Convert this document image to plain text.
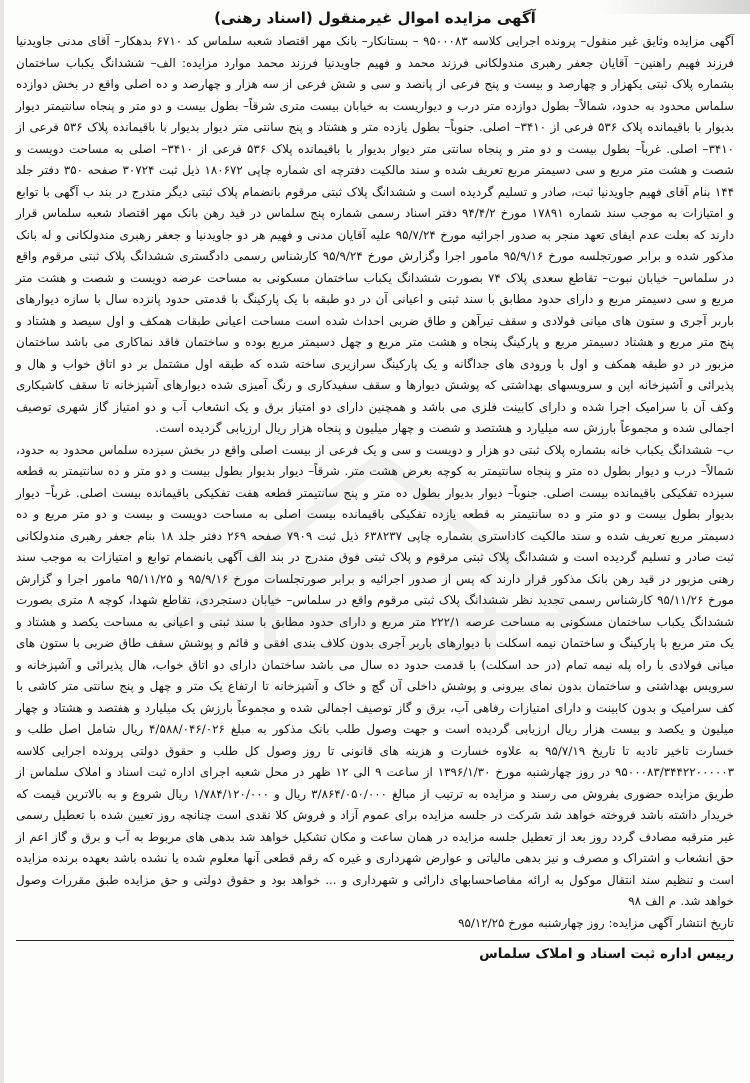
آگهی مزایده اموال غیرمنقول (اسناد رهنی)

آگهی مزایده وثایق غیر منقول– پرونده اجرایی کلاسه ۹۵۰۰۰۸۳ – بستانکار– بانک مهر اقتصاد شعبه سلماس کد ۶۷۱۰ بدهکار– آقای مدنی جاویدنیا فرزند فهیم راهنین– آقایان جعفر رهبری مندولکانی فرزند محمد و فهیم جاویدنیا فرزند محمد موارد مزایده: الف– ششدانگ یکباب ساختمان بشماره پلاک ثبتی یکهزار و چهارصد و بیست و پنج فرعی از پانصد و سی و شش فرعی از سه هزار و چهارصد و ده اصلی واقع در بخش دوازده سلماس محدود به حدود، شمالاً– بطول دوازده متر درب و دیواریست به خیابان بیست متری شرقاً– بطول بیست و دو متر و پنجاه سانتیمتر دیوار بدیوار با باقیمانده پلاک ۵۳۶ فرعی از ۳۴۱۰– اصلی. جنوباً– بطول یازده متر و هشتاد و پنج سانتی متر دیوار بدیوار با باقیمانده پلاک ۵۳۶ فرعی از ۳۴۱۰– اصلی. غرباً– بطول بیست و دو متر و پنجاه سانتی متر دیوار بدیوار با باقیمانده پلاک ۵۳۶ فرعی از ۳۴۱۰– اصلی به مساحت دویست و شصت و هشت متر مربع و سی دسیمتر مربع تعریف شده و سند مالکیت دفترچه ای شماره چاپی ۱۸۰۶۷۲ ذیل ثبت ۳۰۷۲۴ صفحه ۳۵۰ دفتر جلد ۱۴۴ بنام آقای فهیم جاویدنیا ثبت، صادر و تسلیم گردیده است و ششدانگ پلاک ثبتی مرقوم بانضمام پلاک ثبتی دیگر مندرج در بند ب آگهی با توابع و امتیازات به موجب سند شماره ۱۷۸۹۱ مورخ ۹۴/۴/۲ دفتر اسناد رسمی شماره پنج سلماس در قید رهن بانک مهر اقتصاد شعبه سلماس قرار دارند که بعلت عدم ایفای تعهد منجر به صدور اجرائیه مورخ ۹۵/۷/۲۴ علیه آقایان مدنی و فهیم هر دو جاویدنیا و جعفر رهبری مندولکانی و له بانک مذکور شده و برابر صورتجلسه مورخ ۹۵/۹/۱۶ مامور اجرا وگزارش مورخ ۹۵/۹/۲۴ کارشناس رسمی دادگستری ششدانگ پلاک ثبتی مرقوم واقع در سلماس– خیابان نبوت– تقاطع سعدی پلاک ۷۴ بصورت ششدانگ یکباب ساختمان مسکونی به مساحت عرصه دویست و شصت و هشت متر مربع و سی دسیمتر مربع و دارای حدود مطابق با سند ثبتی و اعیانی آن در دو طبقه با یک پارکینگ با قدمتی حدود پانزده سال با سازه دیوارهای باربر آجری و ستون های میانی فولادی و سقف تیرآهن و طاق ضربی احداث شده است مساحت اعیانی طبقات همکف و اول سیصد و هشتاد و پنج متر مربع و هشتاد دسیمتر مربع و پارکینگ پنجاه و هشت متر مربع و چهل دسیمتر مربع بوده و ساختمان فاقد نماکاری می باشد ساختمان مزبور در دو طبقه همکف و اول با ورودی های جداگانه و یک پارکینگ سرازیری ساخته شده که طبقه اول مشتمل بر دو اتاق خواب و هال و پذیرائی و آشپزخانه اپن و سرویسهای بهداشتی که پوشش دیوارها و سقف سفیدکاری و رنگ آمیزی شده دیوارهای آشپزخانه تا سقف کاشیکاری وکف آن با سرامیک اجرا شده و دارای کابینت فلزی می باشد و همچنین دارای دو امتیاز برق و یک انشعاب آب و دو امتیاز گاز شهری توصیف اجمالی شده و مجموعاً بارزش سه میلیارد و هشتصد و شصت و چهار میلیون و پنجاه هزار ریال ارزیابی گردیده است.

ب– ششدانگ یکباب خانه بشماره پلاک ثبتی دو هزار و دویست و سی و یک فرعی از بیست اصلی واقع در بخش سیزده سلماس محدود به حدود، شمالاً– درب و دیوار بطول ده متر و پنجاه سانتیمتر به کوچه بعرض هشت متر. شرقاً– دیوار بدیوار بطول بیست و دو متر و ده سانتیمتر به قطعه سیزده تفکیکی باقیمانده بیست اصلی. جنوباً– دیوار بدیوار بطول ده متر و پنج سانتیمتر قطعه هفت تفکیکی باقیمانده بیست اصلی. غرباً– دیوار بدیوار بطول بیست و دو متر و ده سانتیمتر به قطعه یازده تفکیکی باقیمانده بیست اصلی به مساحت دویست و بیست و دو متر مربع و ده دسیمتر مربع تعریف شده و سند مالکیت کاداستری بشماره چاپی ۶۳۸۲۳۷ ذیل ثبت ۷۹۰۹ صفحه ۲۶۹ دفتر جلد ۱۸ بنام جعفر رهبری مندولکانی ثبت صادر و تسلیم گردیده است و ششدانگ پلاک ثبتی مرقوم و پلاک ثبتی فوق مندرج در بند الف آگهی بانضمام توابع و امتیازات به موجب سند رهنی مزبور در قید رهن بانک مذکور قرار دارند که پس از صدور اجرائیه و برابر صورتجلسات مورخ ۹۵/۹/۱۶ و ۹۵/۱۱/۲۵ مامور اجرا و گزارش مورخ ۹۵/۱۱/۲۶ کارشناس رسمی تجدید نظر ششدانگ پلاک ثبتی مرقوم واقع در سلماس– خیابان دستجردی، تقاطع شهدا، کوچه ۸ متری بصورت ششدانگ یکباب ساختمان مسکونی به مساحت عرصه ۲۲۲/۱ متر مربع و دارای حدود مطابق با سند ثبتی و اعیانی به مساحت یکصد و هشتاد و یک متر مربع با پارکینگ و ساختمان نیمه اسکلت با دیوارهای باربر آجری بدون کلاف بندی افقی و قائم و پوشش سقف طاق ضربی با ستون های میانی فولادی با راه پله نیمه تمام (در حد اسکلت) با قدمت حدود ده سال می باشد ساختمان دارای دو اتاق خواب، هال پذیرائی و آشپزخانه و سرویس بهداشتی و ساختمان بدون نمای بیرونی و پوشش داخلی آن گچ و خاک و آشپزخانه تا ارتفاع یک متر و چهل و پنج سانتی متر کاشی با کف سرامیک و بدون کابینت و دارای امتیازات رفاهی آب، برق و گاز توصیف اجمالی شده و مجموعاً بارزش یک میلیارد و هفتصد و هشتاد و چهار میلیون و یکصد و بیست هزار ریال ارزیابی گردیده است و جهت وصول طلب بانک مذکور به مبلغ ۴/۵۸۸/۰۴۶/۰۲۶ ریال شامل اصل طلب و خسارت تاخیر تادیه تا تاریخ ۹۵/۷/۱۹ به علاوه خسارت و هزینه های قانونی تا روز وصول کل طلب و حقوق دولتی پرونده اجرایی کلاسه ۹۵۰۰۰۸۳/۳۴۴۲۲۰۰۰۰۰۳ در روز چهارشنبه مورخ ۱۳۹۶/۱/۳۰ از ساعت ۹ الی ۱۲ ظهر در محل شعبه اجرای اداره ثبت اسناد و املاک سلماس از طریق مزایده حضوری بفروش می رسند و مزایده به ترتیب از مبالغ ۳/۸۶۴/۰۵۰/۰۰۰ ریال و ۱/۷۸۴/۱۲۰/۰۰۰ ریال شروع و به بالاترین قیمت که خریدار داشته باشد فروخته خواهد شد شرکت در جلسه مزایده برای عموم آزاد و فروش کلا نقدی است چنانچه روز تعیین شده با تعطیل رسمی غیر مترقبه مصادف گردد روز بعد از تعطیل جلسه مزایده در همان ساعت و مکان تشکیل خواهد شد بدهی های مربوط به آب و برق و گاز اعم از حق انشعاب و اشتراک و مصرف و نیز بدهی مالیاتی و عوارض شهرداری و غیره که رقم قطعی آنها معلوم شده یا نشده باشد بعهده برنده مزایده است و تنظیم سند انتقال موکول به ارائه مفاصاحسابهای دارائی و شهرداری و ... خواهد بود و حقوق دولتی و حق مزایده طبق مقررات وصول خواهد شد. م الف ۹۸

تاریخ انتشار آگهی مزایده: روز چهارشنبه مورخ ۹۵/۱۲/۲۵
رییس اداره ثبت اسناد و املاک سلماس
